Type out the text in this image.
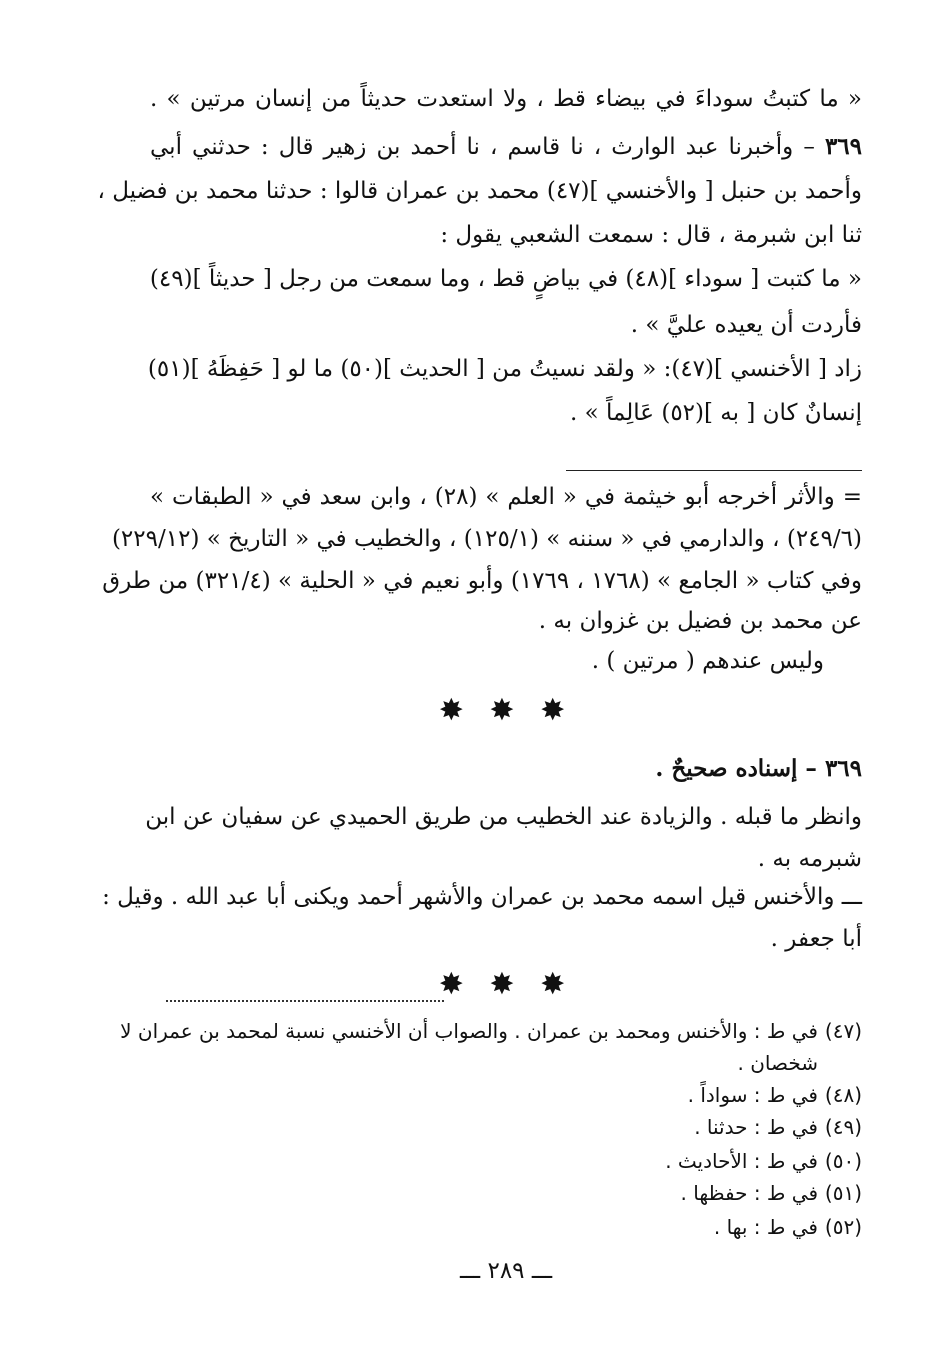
« ما كتبتُ سوداءَ في بيضاء قط ، ولا استعدت حديثاً من إنسان مرتين » .
٣٦٩ – وأخبرنا عبد الوارث ، نا قاسم ، نا أحمد بن زهير قال : حدثني أبي
وأحمد بن حنبل [ والأخنسي ](٤٧) محمد بن عمران قالوا : حدثنا محمد بن فضيل ،
ثنا ابن شبرمة ، قال : سمعت الشعبي يقول :
« ما كتبت [ سوداء ](٤٨) في بياضٍ قط ، وما سمعت من رجل [ حديثاً ](٤٩)
فأردت أن يعيده عليَّ » .
زاد [ الأخنسي ](٤٧): « ولقد نسيتُ من [ الحديث ](٥٠) ما لو [ حَفِظَهُ ](٥١)
إنسانٌ كان [ به ](٥٢) عَالِماً » .
= والأثر أخرجه أبو خيثمة في « العلم » (٢٨) ، وابن سعد في « الطبقات »
(٢٤٩/٦) ، والدارمي في « سننه » (١٢٥/١) ، والخطيب في « التاريخ » (٢٢٩/١٢)
وفي كتاب « الجامع » (١٧٦٨ ، ١٧٦٩) وأبو نعيم في « الحلية » (٣٢١/٤) من طرق
عن محمد بن فضيل بن غزوان به .
وليس عندهم ( مرتين ) .
✸ ✸ ✸
٣٦٩ – إسناده صحيحٌ .
وانظر ما قبله . والزيادة عند الخطيب من طريق الحميدي عن سفيان عن ابن
شبرمه به .
ـــ والأخنس قيل اسمه محمد بن عمران والأشهر أحمد ويكنى أبا عبد الله . وقيل :
أبا جعفر .
✸ ✸ ✸
(٤٧)في ط : والأخنس ومحمد بن عمران . والصواب أن الأخنسي نسبة لمحمد بن عمران لا
شخصان .
(٤٨)في ط : سواداً .
(٤٩)في ط : حدثنا .
(٥٠)في ط : الأحاديث .
(٥١)في ط : حفظها .
(٥٢)في ط : بها .
ـــ ٢٨٩ ـــ
